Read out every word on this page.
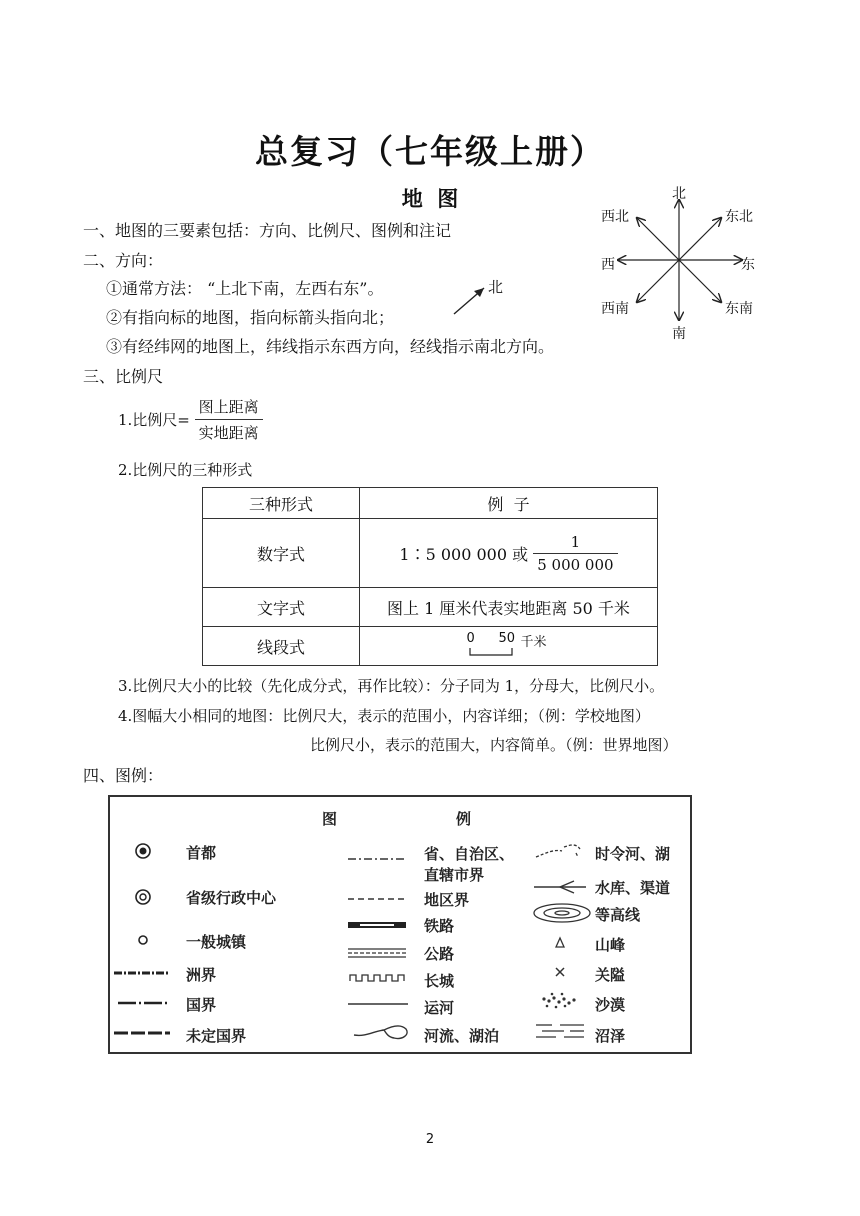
总复习（七年级上册）
地  图	北
南
东
西
东北
西北
东南
西南
一、地图的三要素包括：方向、比例尺、图例和注记
二、方向：
①通常方法： “上北下南，左西右东”。
②有指向标的地图，指向标箭头指向北；
③有经纬网的地图上，纬线指示东西方向，经线指示南北方向。
北
三、比例尺
1.比例尺= $\frac{\text{图上距离}}{\text{实地距离}}$
2.比例尺的三种形式
三种形式	例  子
数字式	1∶5 000 000 或 $\frac{1}{5 000 000}$

文字式	图上 1 厘米代表实地距离 50 千米
线段式	0 50 千米
3.比例尺大小的比较（先化成分式，再作比较）：分子同为 1，分母大，比例尺小。
4.图幅大小相同的地图：比例尺大，表示的范围小，内容详细；（例：学校地图）
比例尺小，表示的范围大，内容简单。（例：世界地图）
四、图例：
图	例
首都
省级行政中心
一般城镇
洲界
国界
未定国界
省、自治区、
直辖市界
地区界
铁路
公路
长城
运河
河流、湖泊
时令河、湖
水库、渠道
等高线
山峰
关隘
沙漠
沼泽
2
